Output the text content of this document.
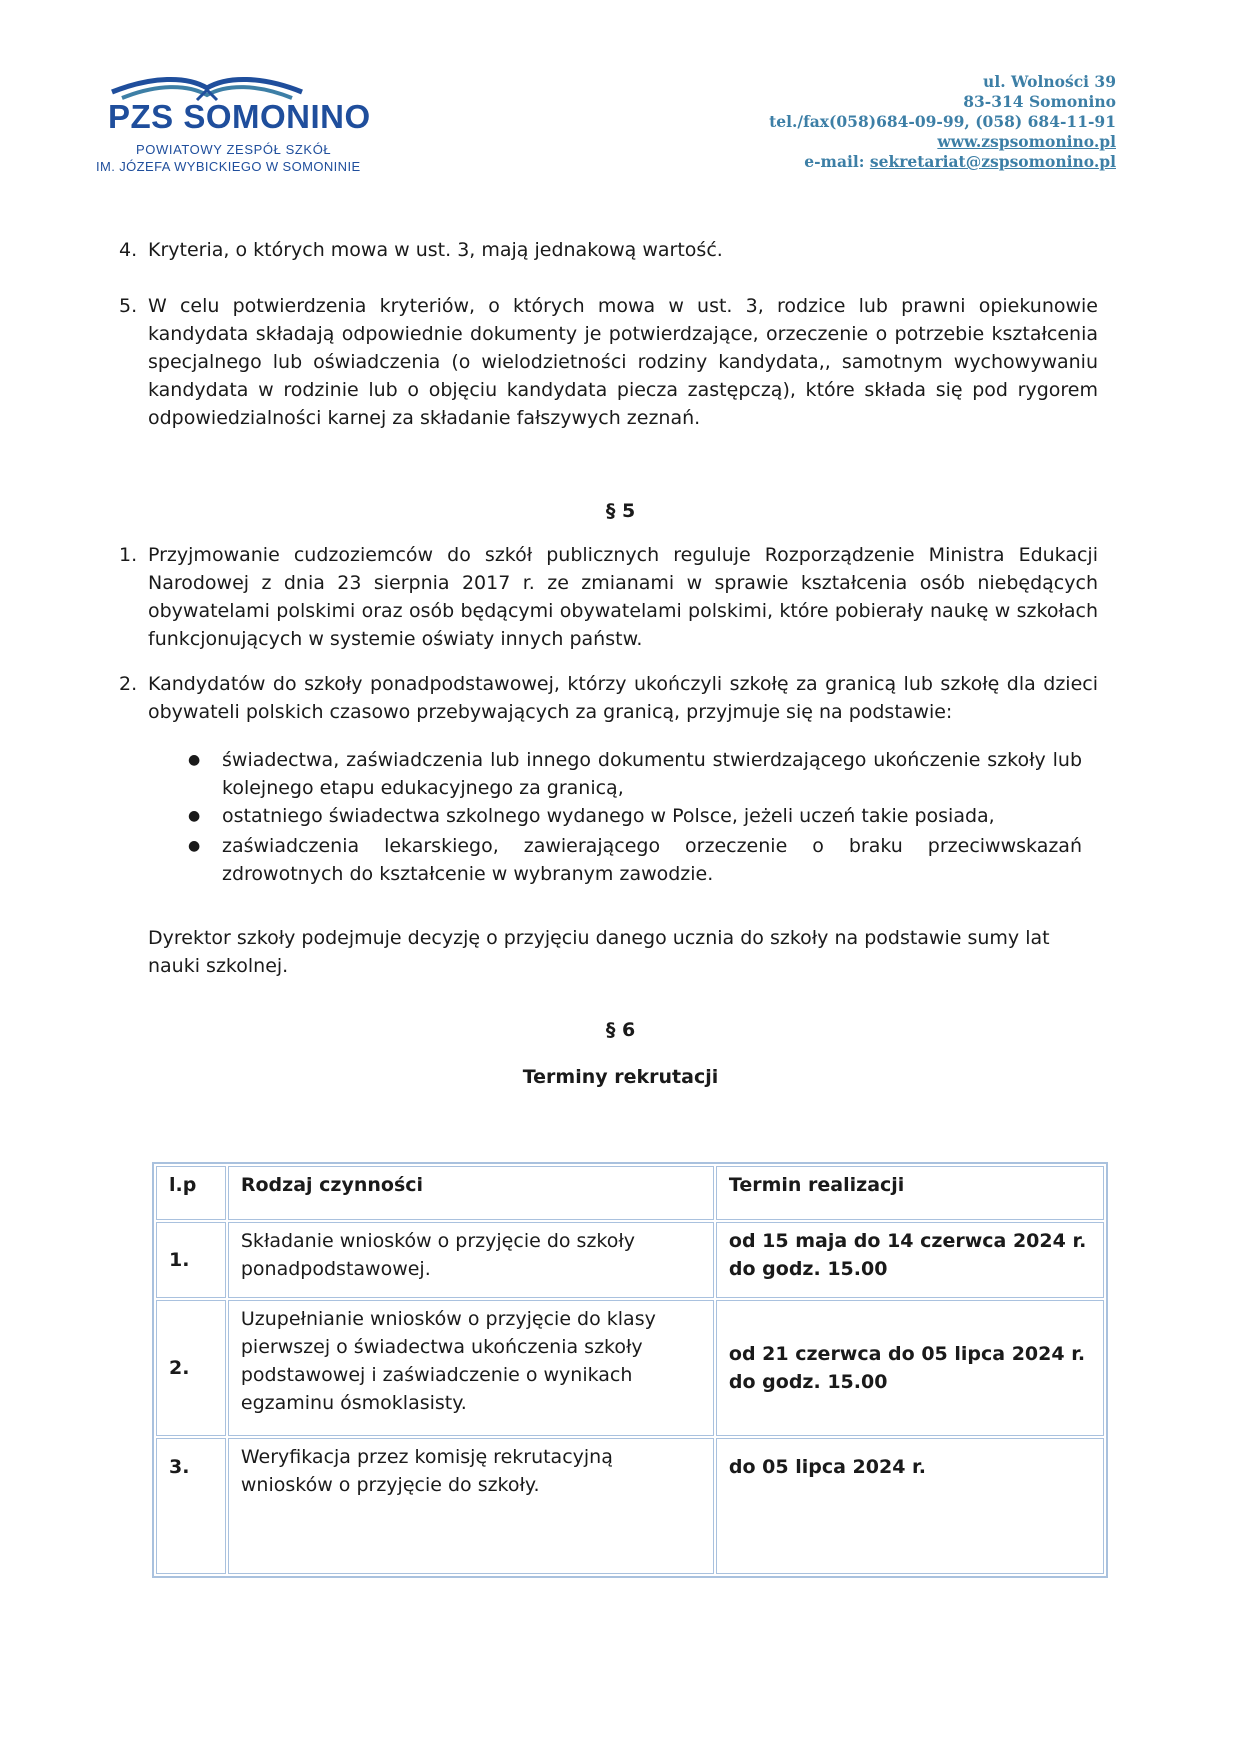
PZS SOMONINO
POWIATOWY ZESPÓŁ SZKÓŁ
IM. JÓZEFA WYBICKIEGO W SOMONINIE
ul. Wolności 39
83-314 Somonino
tel./fax(058)684-09-99, (058) 684-11-91
www.zspsomonino.pl
e-mail: sekretariat@zspsomonino.pl
4. Kryteria, o których mowa w ust. 3, mają jednakową wartość.
5. W celu potwierdzenia kryteriów, o których mowa w ust. 3, rodzice lub prawni opiekunowie kandydata składają odpowiednie dokumenty je potwierdzające, orzeczenie o potrzebie kształcenia specjalnego lub oświadczenia (o wielodzietności rodziny kandydata,, samotnym wychowywaniu kandydata w rodzinie lub o objęciu kandydata piecza zastępczą), które składa się pod rygorem odpowiedzialności karnej za składanie fałszywych zeznań.
§ 5
1. Przyjmowanie cudzoziemców do szkół publicznych reguluje Rozporządzenie Ministra Edukacji Narodowej z dnia 23 sierpnia 2017 r. ze zmianami w sprawie kształcenia osób niebędących obywatelami polskimi oraz osób będącymi obywatelami polskimi, które pobierały naukę w szkołach funkcjonujących w systemie oświaty innych państw.
2. Kandydatów do szkoły ponadpodstawowej, którzy ukończyli szkołę za granicą lub szkołę dla dzieci obywateli polskich czasowo przebywających za granicą, przyjmuje się na podstawie:
● świadectwa, zaświadczenia lub innego dokumentu stwierdzającego ukończenie szkoły lub kolejnego etapu edukacyjnego za granicą,
● ostatniego świadectwa szkolnego wydanego w Polsce, jeżeli uczeń takie posiada,
● zaświadczenia lekarskiego, zawierającego orzeczenie o braku przeciwwskazań zdrowotnych do kształcenie w wybranym zawodzie.
Dyrektor szkoły podejmuje decyzję o przyjęciu danego ucznia do szkoły na podstawie sumy lat nauki szkolnej.
§ 6
Terminy rekrutacji
l.p	Rodzaj czynności	Termin realizacji
1.	Składanie wniosków o przyjęcie do szkoły ponadpodstawowej.	od 15 maja do 14 czerwca 2024 r. do godz. 15.00
2.	Uzupełnianie wniosków o przyjęcie do klasy pierwszej o świadectwa ukończenia szkoły podstawowej i zaświadczenie o wynikach egzaminu ósmoklasisty.	od 21 czerwca do 05 lipca 2024 r. do godz. 15.00
3.	Weryfikacja przez komisję rekrutacyjną wniosków o przyjęcie do szkoły.	do 05 lipca 2024 r.
